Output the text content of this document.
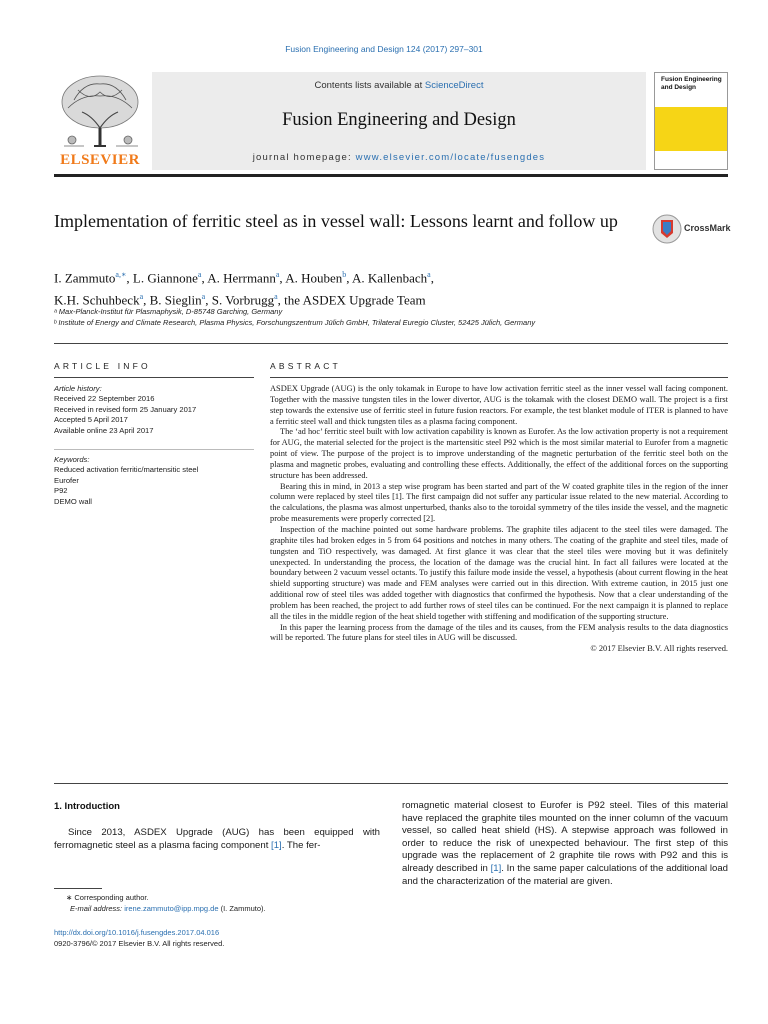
Fusion Engineering and Design 124 (2017) 297–301
ELSEVIER
Contents lists available at ScienceDirect
Fusion Engineering and Design
journal homepage: www.elsevier.com/locate/fusengdes
Fusion Engineering and Design
Implementation of ferritic steel as in vessel wall: Lessons learnt and follow up	CrossMark
I. Zammuto$^{a,∗}$, L. Giannone$^a$, A. Herrmann$^a$, A. Houben$^b$, A. Kallenbach$^a$,
K.H. Schuhbeck$^a$, B. Sieglin$^a$, S. Vorbrugg$^a$, the ASDEX Upgrade Team
ᵃ Max-Planck-Institut für Plasmaphysik, D-85748 Garching, Germany
ᵇ Institute of Energy and Climate Research, Plasma Physics, Forschungszentrum Jülich GmbH, Trilateral Euregio Cluster, 52425 Jülich, Germany
ARTICLE INFO	ABSTRACT
Article history:
Received 22 September 2016
Received in revised form 25 January 2017
Accepted 5 April 2017
Available online 23 April 2017
Keywords:
Reduced activation ferritic/martensitic steel
Eurofer
P92
DEMO wall

ASDEX Upgrade (AUG) is the only tokamak in Europe to have low activation ferritic steel as the inner vessel wall facing component. Together with the massive tungsten tiles in the lower divertor, AUG is the tokamak with the closest DEMO wall. The project is a first step towards the extensive use of ferritic steel in future fusion reactors. For example, the test blanket module of ITER is planned to have a ferritic steel wall and thick tungsten tiles as a plasma facing component.

The ‘ad hoc’ ferritic steel built with low activation capability is known as Eurofer. As the low activation property is not a requirement for AUG, the material selected for the project is the martensitic steel P92 which is the most similar material to Eurofer from a magnetic point of view. The purpose of the project is to improve understanding of the magnetic perturbation of the ferritic steel both on the plasma and magnetic probes, evaluating and controlling these effects. Additionally, the effect of the additional forces on the supporting structure has been addressed.

Bearing this in mind, in 2013 a step wise program has been started and part of the W coated graphite tiles in the region of the inner column were replaced by steel tiles [1]. The first campaign did not suffer any particular issue related to the new material. According to the calculations, the plasma was almost unperturbed, thanks also to the toroidal symmetry of the tiles inside the vessel, and the magnetic probe measurements were properly corrected [2].

Inspection of the machine pointed out some hardware problems. The graphite tiles adjacent to the steel tiles were damaged. The graphite tiles had broken edges in 5 from 64 positions and notches in many others. The coating of the graphite and steel tiles, made of tungsten and TiO respectively, was damaged. At first glance it was clear that the steel tiles were moving but it was definitely unexpected. In understanding the process, the location of the damage was the crucial hint. In fact all failures were located at the boundary between 2 vacuum vessel octants. To justify this failure mode inside the vessel, a hypothesis (about current flowing in the heat shield supporting structure) was made and FEM analyses were carried out in this direction. With extreme caution, in 2015 just one additional row of steel tiles was added together with diagnostics that confirmed the hypothesis. Now that a clear understanding of the problem has been reached, the project to add further rows of steel tiles can be continued. For the next campaign it is planned to replace all the tiles in the middle region of the heat shield together with stiffening and modification of the supporting structure.

In this paper the learning process from the damage of the tiles and its causes, from the FEM analysis results to the data diagnostics will be reported. The future plans for steel tiles in AUG will be discussed.

© 2017 Elsevier B.V. All rights reserved.
1. Introduction

Since 2013, ASDEX Upgrade (AUG) has been equipped with ferromagnetic steel as a plasma facing component [1]. The fer-

romagnetic material closest to Eurofer is P92 steel. Tiles of this material have replaced the graphite tiles mounted on the inner column of the vacuum vessel, so called heat shield (HS). A stepwise approach was followed in order to reduce the risk of unexpected behaviour. The first step of this upgrade was the replacement of 2 graphite tile rows with P92 and this is already described in [1]. In the same paper calculations of the additional load and the characterization of the material are given.
∗ Corresponding author.
E-mail address: irene.zammuto@ipp.mpg.de (I. Zammuto).
http://dx.doi.org/10.1016/j.fusengdes.2017.04.016
0920-3796/© 2017 Elsevier B.V. All rights reserved.
